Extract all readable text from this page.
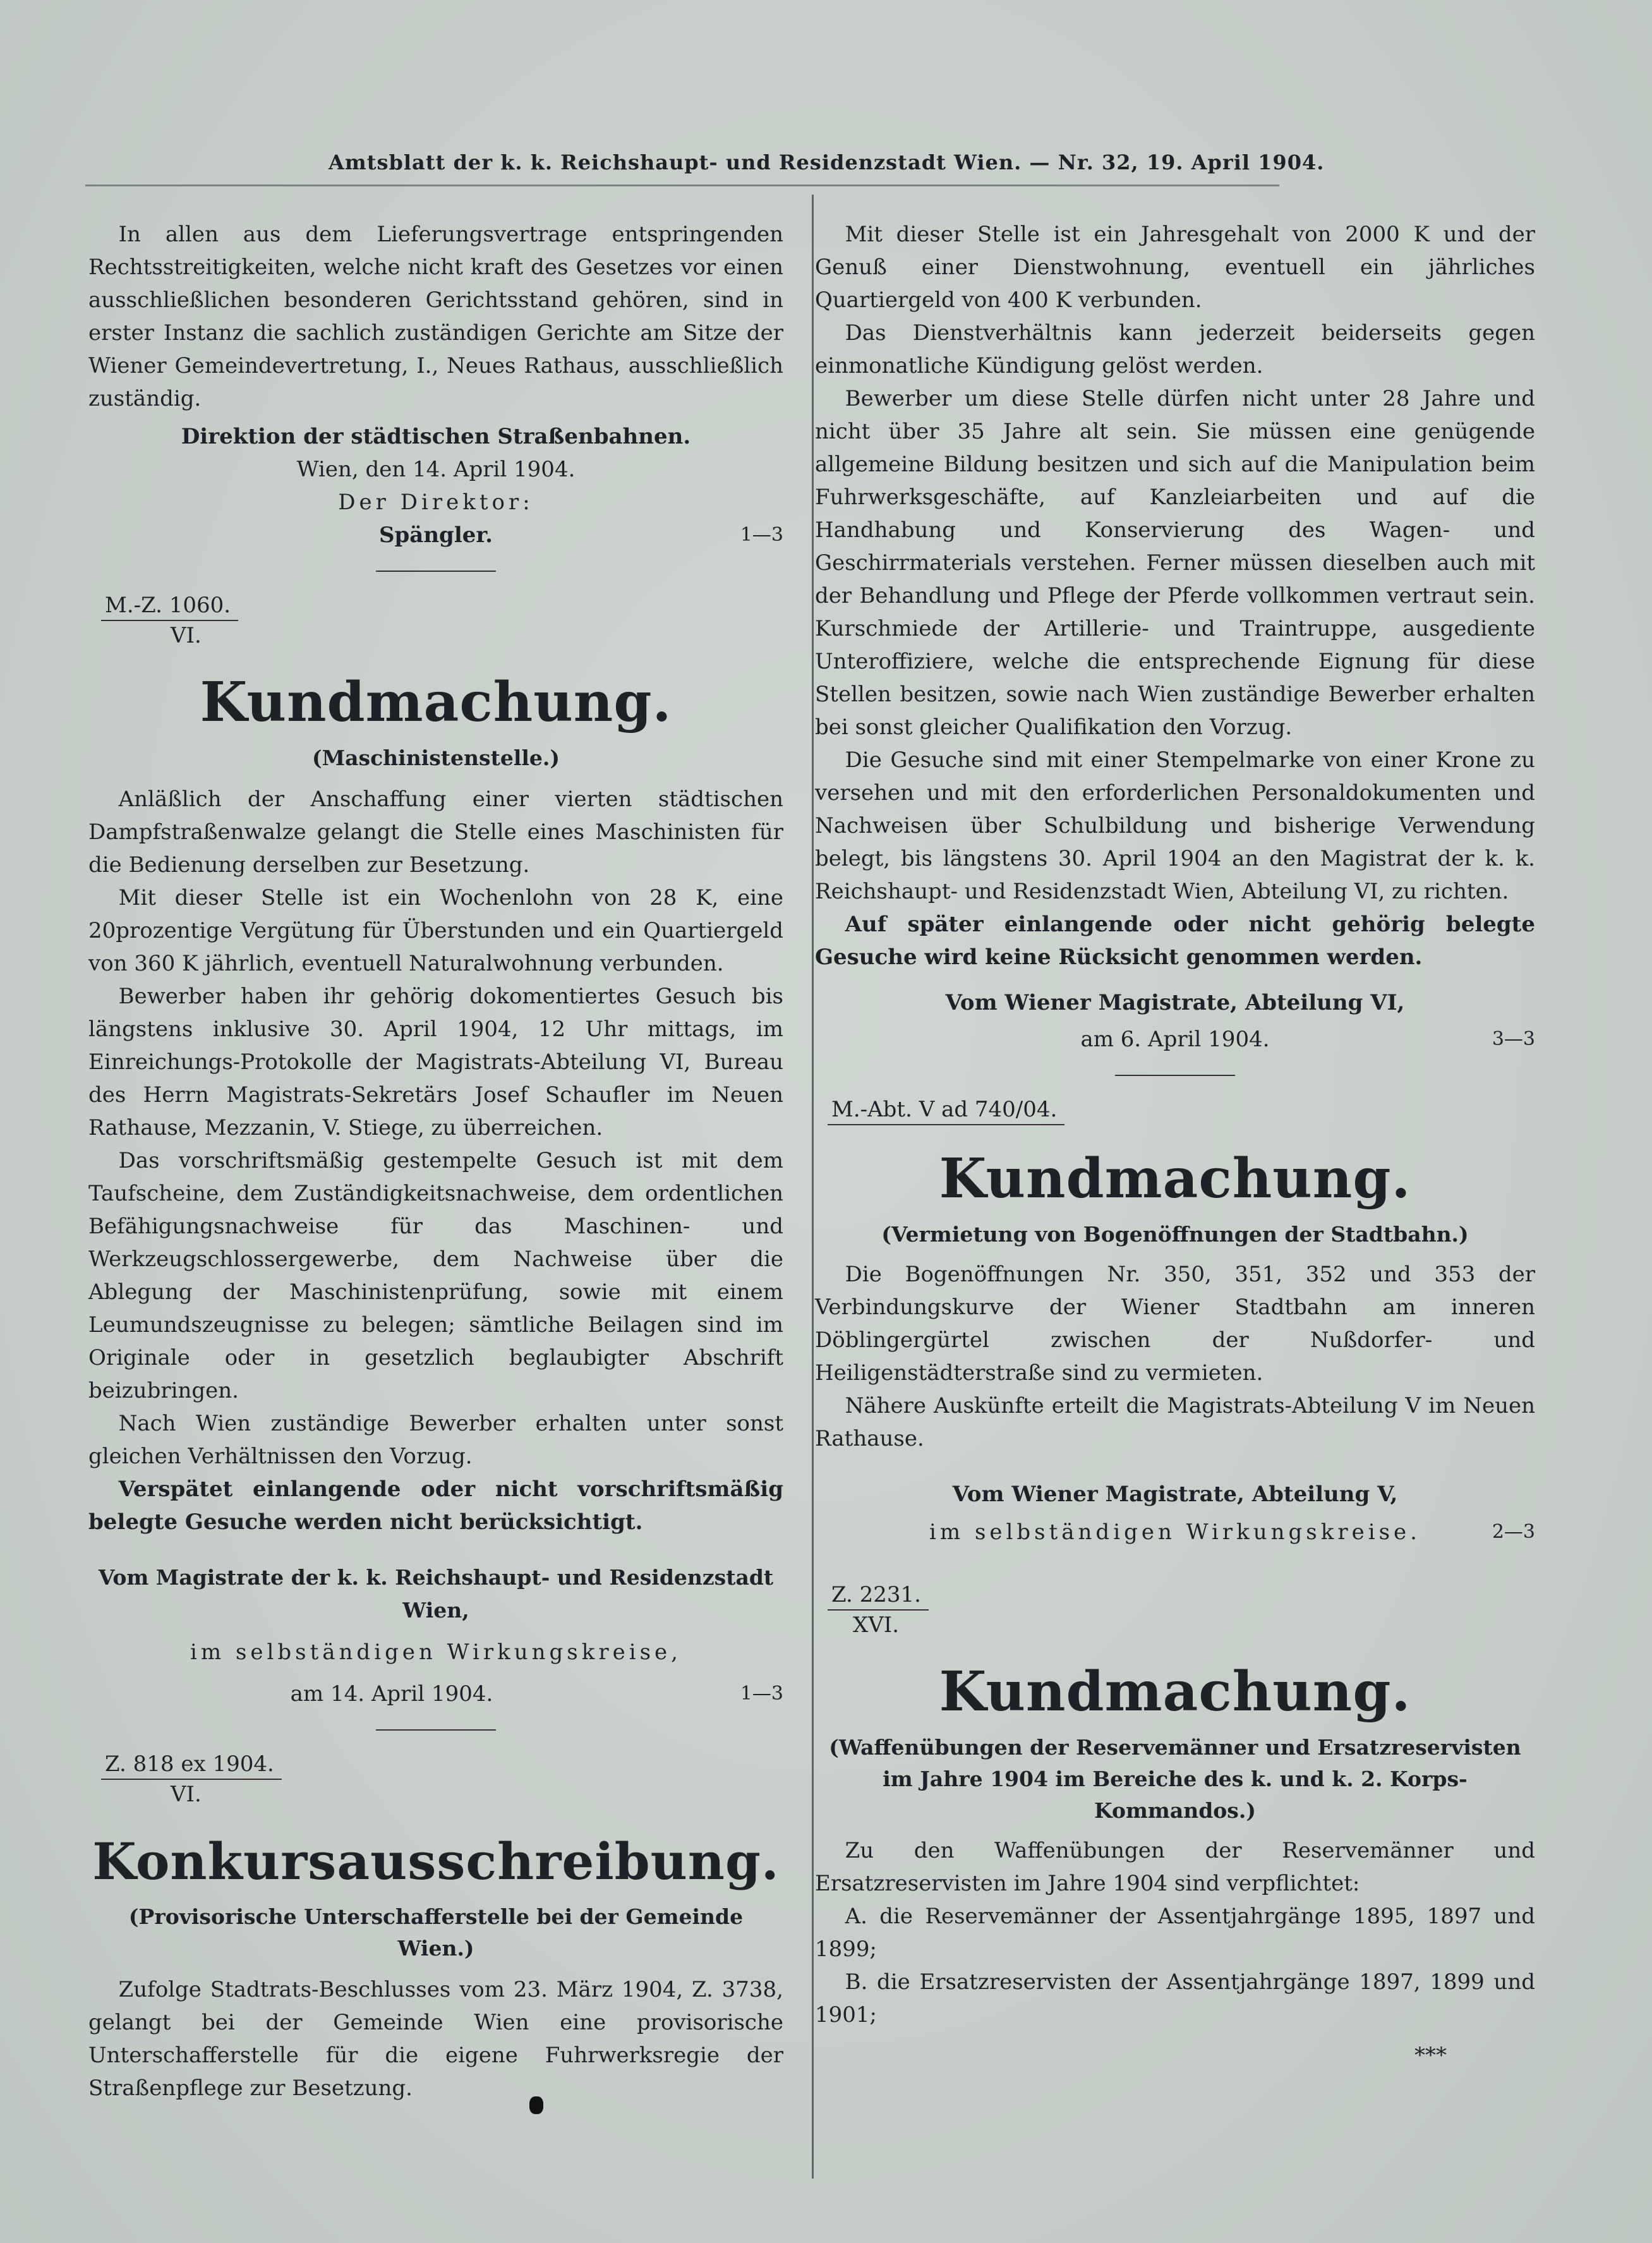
Amtsblatt der k. k. Reichshaupt- und Residenzstadt Wien. — Nr. 32, 19. April 1904.

In allen aus dem Lieferungsvertrage entspringenden Rechtsstreitigkeiten, welche nicht kraft des Gesetzes vor einen ausschließlichen besonderen Gerichtsstand gehören, sind in erster Instanz die sachlich zuständigen Gerichte am Sitze der Wiener Gemeindevertretung, I., Neues Rathaus, ausschließlich zuständig.

Direktion der städtischen Straßenbahnen.
Wien, den 14. April 1904.
Der Direktor:
Spängler.	1—3
M.-Z. 1060.
VI.
Kundmachung.
(Maschinistenstelle.)

Anläßlich der Anschaffung einer vierten städtischen Dampfstraßenwalze gelangt die Stelle eines Maschinisten für die Bedienung derselben zur Besetzung.

Mit dieser Stelle ist ein Wochenlohn von 28 K, eine 20prozentige Vergütung für Überstunden und ein Quartiergeld von 360 K jährlich, eventuell Naturalwohnung verbunden.

Bewerber haben ihr gehörig dokomentiertes Gesuch bis längstens inklusive 30. April 1904, 12 Uhr mittags, im Einreichungs-Protokolle der Magistrats-Abteilung VI, Bureau des Herrn Magistrats-Sekretärs Josef Schaufler im Neuen Rathause, Mezzanin, V. Stiege, zu überreichen.

Das vorschriftsmäßig gestempelte Gesuch ist mit dem Taufscheine, dem Zuständigkeitsnachweise, dem ordentlichen Befähigungsnachweise für das Maschinen- und Werkzeugschlossergewerbe, dem Nachweise über die Ablegung der Maschinistenprüfung, sowie mit einem Leumundszeugnisse zu belegen; sämtliche Beilagen sind im Originale oder in gesetzlich beglaubigter Abschrift beizubringen.

Nach Wien zuständige Bewerber erhalten unter sonst gleichen Verhältnissen den Vorzug.

Verspätet einlangende oder nicht vorschriftsmäßig belegte Gesuche werden nicht berücksichtigt.

Vom Magistrate der k. k. Reichshaupt- und Residenzstadt Wien,
im selbständigen Wirkungskreise,
am 14. April 1904.	1—3
Z. 818 ex 1904.
VI.
Konkursausschreibung.
(Provisorische Unterschafferstelle bei der Gemeinde Wien.)

Zufolge Stadtrats-Beschlusses vom 23. März 1904, Z. 3738, gelangt bei der Gemeinde Wien eine provisorische Unterschafferstelle für die eigene Fuhrwerksregie der Straßenpflege zur Besetzung.

Mit dieser Stelle ist ein Jahresgehalt von 2000 K und der Genuß einer Dienstwohnung, eventuell ein jährliches Quartiergeld von 400 K verbunden.

Das Dienstverhältnis kann jederzeit beiderseits gegen einmonatliche Kündigung gelöst werden.

Bewerber um diese Stelle dürfen nicht unter 28 Jahre und nicht über 35 Jahre alt sein. Sie müssen eine genügende allgemeine Bildung besitzen und sich auf die Manipulation beim Fuhrwerksgeschäfte, auf Kanzleiarbeiten und auf die Handhabung und Konservierung des Wagen- und Geschirrmaterials verstehen. Ferner müssen dieselben auch mit der Behandlung und Pflege der Pferde vollkommen vertraut sein. Kurschmiede der Artillerie- und Traintruppe, ausgediente Unteroffiziere, welche die entsprechende Eignung für diese Stellen besitzen, sowie nach Wien zuständige Bewerber erhalten bei sonst gleicher Qualifikation den Vorzug.

Die Gesuche sind mit einer Stempelmarke von einer Krone zu versehen und mit den erforderlichen Personaldokumenten und Nachweisen über Schulbildung und bisherige Verwendung belegt, bis längstens 30. April 1904 an den Magistrat der k. k. Reichshaupt- und Residenzstadt Wien, Abteilung VI, zu richten.

Auf später einlangende oder nicht gehörig belegte Gesuche wird keine Rücksicht genommen werden.

Vom Wiener Magistrate, Abteilung VI,
am 6. April 1904.	3—3
M.-Abt. V ad 740/04.
Kundmachung.
(Vermietung von Bogenöffnungen der Stadtbahn.)

Die Bogenöffnungen Nr. 350, 351, 352 und 353 der Verbindungskurve der Wiener Stadtbahn am inneren Döblingergürtel zwischen der Nußdorfer- und Heiligenstädterstraße sind zu vermieten.

Nähere Auskünfte erteilt die Magistrats-Abteilung V im Neuen Rathause.

Vom Wiener Magistrate, Abteilung V,
im selbständigen Wirkungskreise.	2—3
Z. 2231.
XVI.
Kundmachung.
(Waffenübungen der Reservemänner und Ersatzreservisten im Jahre 1904 im Bereiche des k. und k. 2. Korps-Kommandos.)

Zu den Waffenübungen der Reservemänner und Ersatzreservisten im Jahre 1904 sind verpflichtet:

A. die Reservemänner der Assentjahrgänge 1895, 1897 und 1899;

B. die Ersatzreservisten der Assentjahrgänge 1897, 1899 und 1901;

***
